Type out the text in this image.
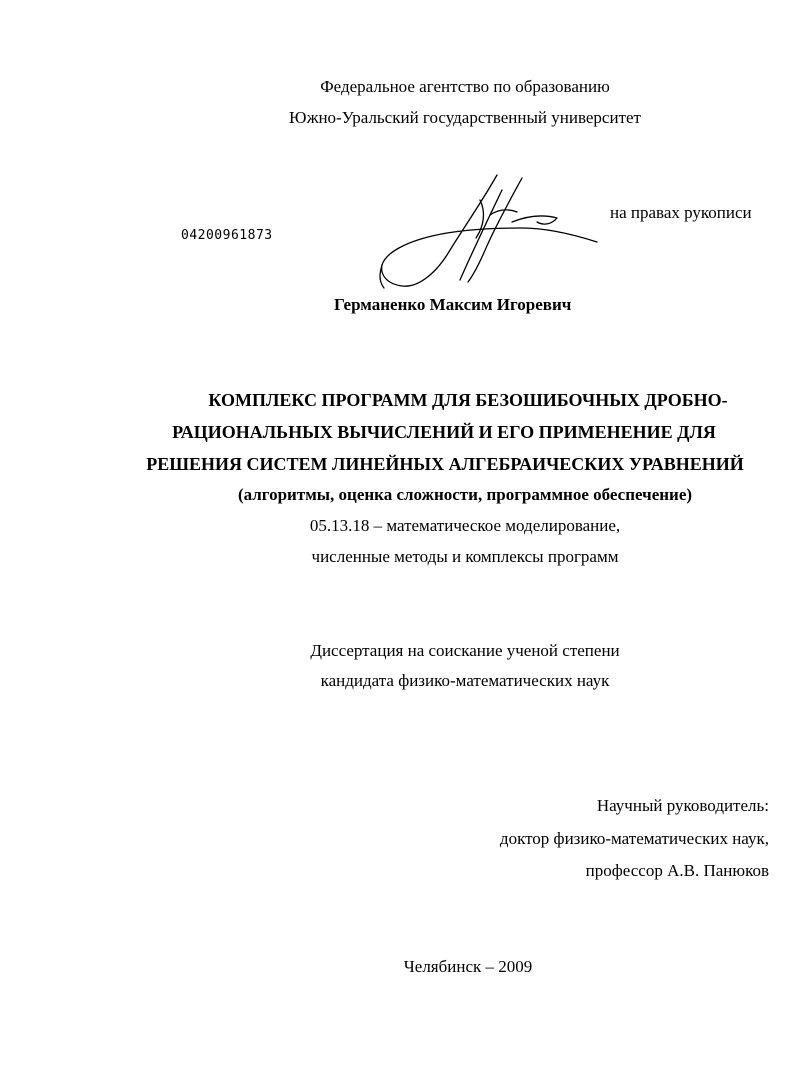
Федеральное агентство по образованию
Южно-Уральский государственный университет
04200961873
на правах рукописи
Германенко Максим Игоревич
КОМПЛЕКС ПРОГРАММ ДЛЯ БЕЗОШИБОЧНЫХ ДРОБНО-
РАЦИОНАЛЬНЫХ ВЫЧИСЛЕНИЙ И ЕГО ПРИМЕНЕНИЕ ДЛЯ
РЕШЕНИЯ СИСТЕМ ЛИНЕЙНЫХ АЛГЕБРАИЧЕСКИХ УРАВНЕНИЙ
(алгоритмы, оценка сложности, программное обеспечение)
05.13.18 – математическое моделирование,
численные методы и комплексы программ
Диссертация на соискание ученой степени
кандидата физико-математических наук
Научный руководитель:
доктор физико-математических наук,
профессор А.В. Панюков
Челябинск – 2009
